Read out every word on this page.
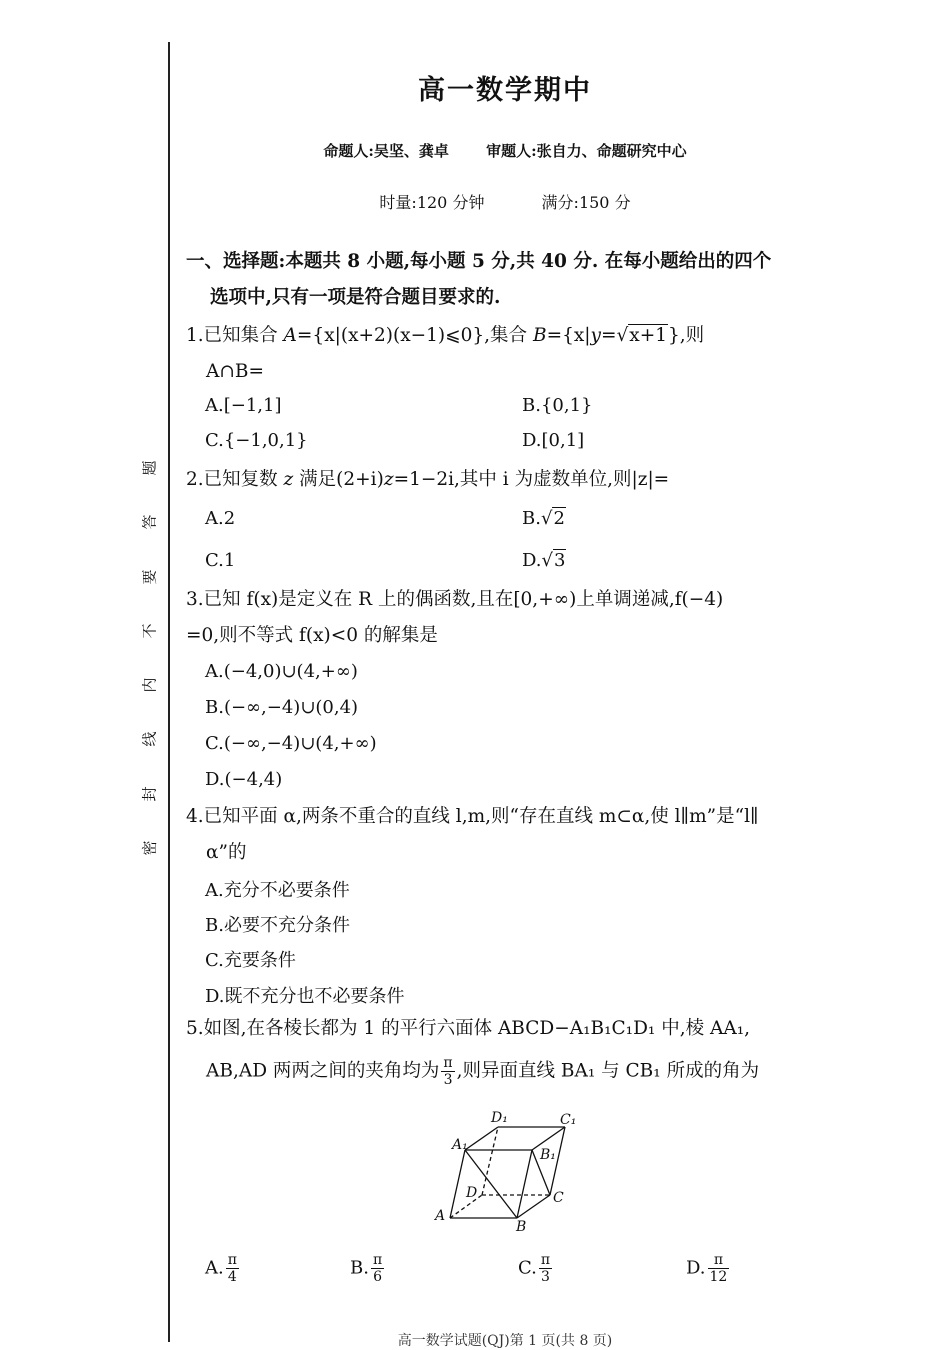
题
答
要
不
内
线
封
密
高一数学期中
命题人:吴坚、龚卓 审题人:张自力、命题研究中心
时量:120 分钟	满分:150 分
一、选择题:本题共 8 小题,每小题 5 分,共 40 分. 在每小题给出的四个
选项中,只有一项是符合题目要求的.
1.已知集合 A={x|(x+2)(x−1)⩽0},集合 B={x|y=√x+1},则
A∩B=
A.[−1,1]	B.{0,1}
C.{−1,0,1}	D.[0,1]
2.已知复数 z 满足(2+i)z=1−2i,其中 i 为虚数单位,则|z|=
A.2	B.√2
C.1	D.√3
3.已知 f(x)是定义在 R 上的偶函数,且在[0,+∞)上单调递减,f(−4)
=0,则不等式 f(x)<0 的解集是
A.(−4,0)∪(4,+∞)
B.(−∞,−4)∪(0,4)
C.(−∞,−4)∪(4,+∞)
D.(−4,4)
4.已知平面 α,两条不重合的直线 l,m,则“存在直线 m⊂α,使 l∥m”是“l∥
α”的
A.充分不必要条件
B.必要不充分条件
C.充要条件
D.既不充分也不必要条件
5.如图,在各棱长都为 1 的平行六面体 ABCD−A₁B₁C₁D₁ 中,棱 AA₁,
AB,AD 两两之间的夹角均为 $\frac{\pi}{3}$ ,则异面直线 BA₁ 与 CB₁ 所成的角为
A
B
C
D
A₁
B₁
C₁
D₁
A. $\frac{\pi}{4}$	B. $\frac{\pi}{6}$	C. $\frac{\pi}{3}$	D. $\frac{\pi}{12}$
高一数学试题(QJ)第 1 页(共 8 页)
